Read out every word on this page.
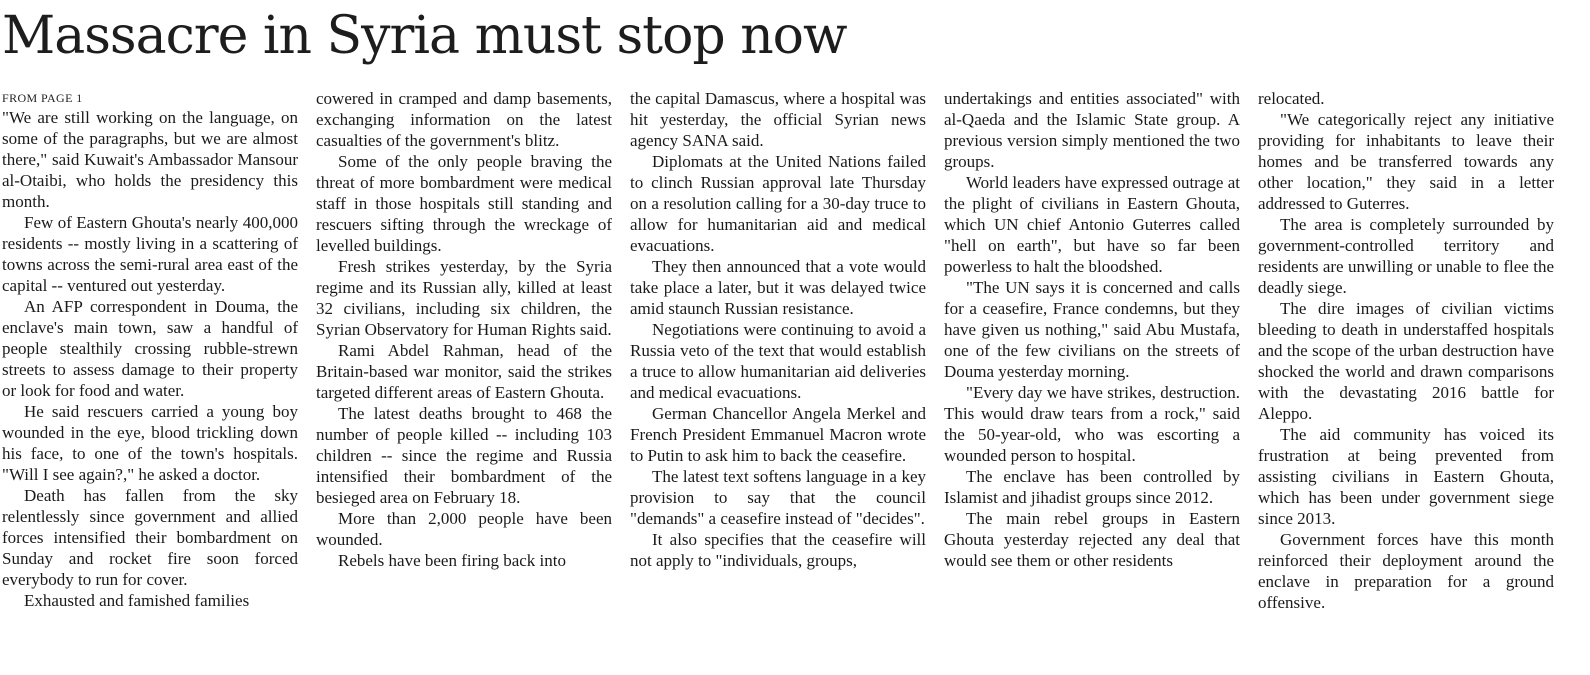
Massacre in Syria must stop now
FROM PAGE 1

"We are still working on the language, on some of the paragraphs, but we are almost there," said Kuwait's Ambassador Mansour al-Otaibi, who holds the presidency this month.

Few of Eastern Ghouta's nearly 400,000 residents -- mostly living in a scattering of towns across the semi-rural area east of the capital -- ventured out yesterday.

An AFP correspondent in Douma, the enclave's main town, saw a handful of people stealthily crossing rubble-strewn streets to assess damage to their property or look for food and water.

He said rescuers carried a young boy wounded in the eye, blood trickling down his face, to one of the town's hospitals. "Will I see again?," he asked a doctor.

Death has fallen from the sky relentlessly since government and allied forces intensified their bombardment on Sunday and rocket fire soon forced everybody to run for cover.

Exhausted and famished families

cowered in cramped and damp basements, exchanging information on the latest casualties of the government's blitz.

Some of the only people braving the threat of more bombardment were medical staff in those hospitals still standing and rescuers sifting through the wreckage of levelled buildings.

Fresh strikes yesterday, by the Syria regime and its Russian ally, killed at least 32 civilians, including six children, the Syrian Observatory for Human Rights said.

Rami Abdel Rahman, head of the Britain-based war monitor, said the strikes targeted different areas of Eastern Ghouta.

The latest deaths brought to 468 the number of people killed -- including 103 children -- since the regime and Russia intensified their bombardment of the besieged area on February 18.

More than 2,000 people have been wounded.

Rebels have been firing back into

the capital Damascus, where a hospital was hit yesterday, the official Syrian news agency SANA said.

Diplomats at the United Nations failed to clinch Russian approval late Thursday on a resolution calling for a 30-day truce to allow for humanitarian aid and medical evacuations.

They then announced that a vote would take place a later, but it was delayed twice amid staunch Russian resistance.

Negotiations were continuing to avoid a Russia veto of the text that would establish a truce to allow humanitarian aid deliveries and medical evacuations.

German Chancellor Angela Merkel and French President Emmanuel Macron wrote to Putin to ask him to back the ceasefire.

The latest text softens language in a key provision to say that the council "demands" a ceasefire instead of "decides".

It also specifies that the ceasefire will not apply to "individuals, groups,

undertakings and entities associated" with al-Qaeda and the Islamic State group. A previous version simply mentioned the two groups.

World leaders have expressed outrage at the plight of civilians in Eastern Ghouta, which UN chief Antonio Guterres called "hell on earth", but have so far been powerless to halt the bloodshed.

"The UN says it is concerned and calls for a ceasefire, France condemns, but they have given us nothing," said Abu Mustafa, one of the few civilians on the streets of Douma yesterday morning.

"Every day we have strikes, destruction. This would draw tears from a rock," said the 50-year-old, who was escorting a wounded person to hospital.

The enclave has been controlled by Islamist and jihadist groups since 2012.

The main rebel groups in Eastern Ghouta yesterday rejected any deal that would see them or other residents

relocated.

"We categorically reject any initiative providing for inhabitants to leave their homes and be transferred towards any other location," they said in a letter addressed to Guterres.

The area is completely surrounded by government-controlled territory and residents are unwilling or unable to flee the deadly siege.

The dire images of civilian victims bleeding to death in understaffed hospitals and the scope of the urban destruction have shocked the world and drawn comparisons with the devastating 2016 battle for Aleppo.

The aid community has voiced its frustration at being prevented from assisting civilians in Eastern Ghouta, which has been under government siege since 2013.

Government forces have this month reinforced their deployment around the enclave in preparation for a ground offensive.
